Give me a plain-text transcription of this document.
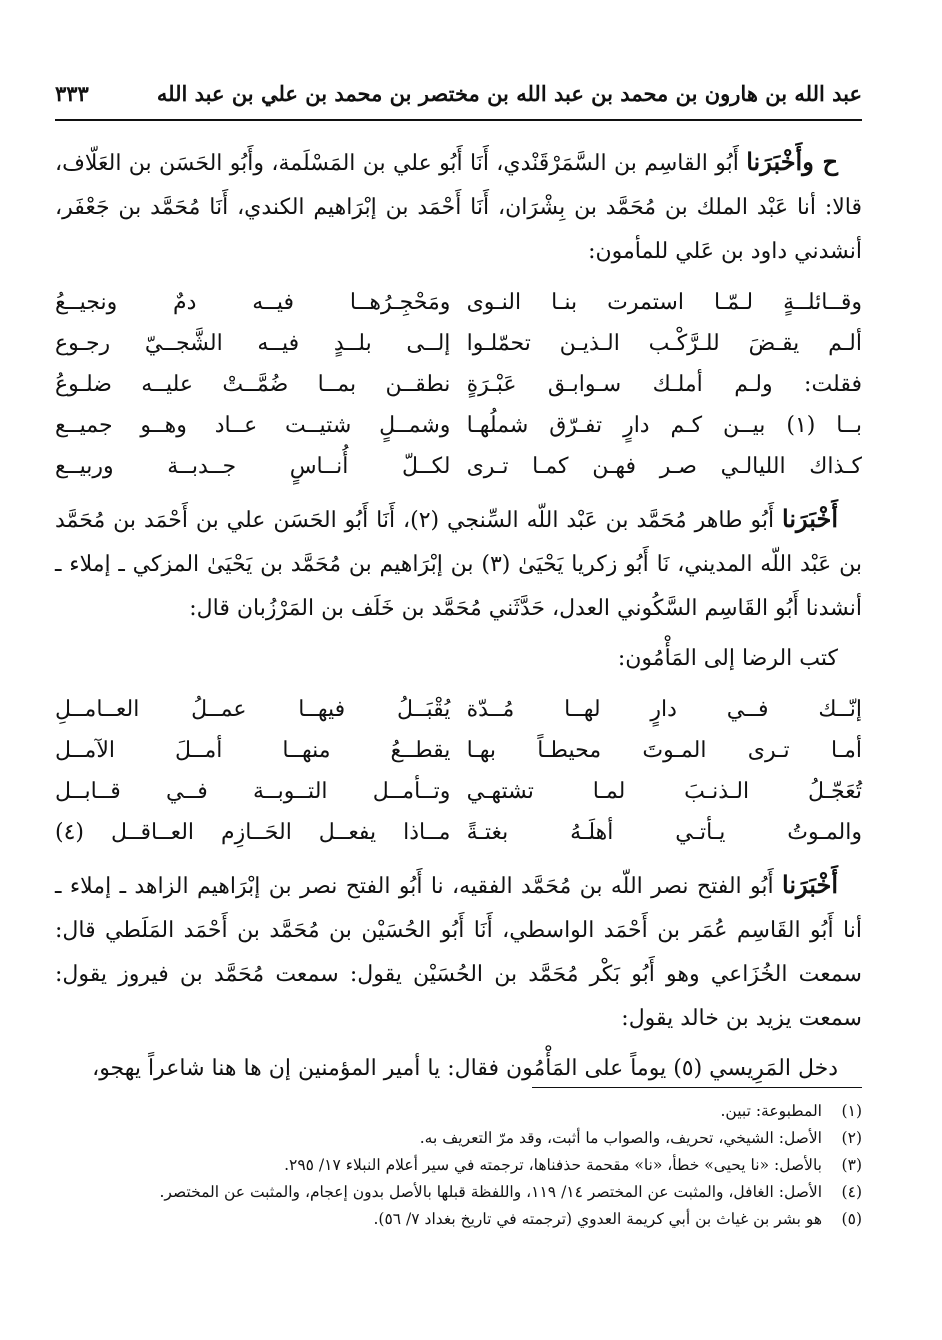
عبد الله بن هارون بن محمد بن عبد الله بن مختصر بن محمد بن علي بن عبد الله
٣٣٣

ح وأَخْبَرَنا أَبُو القاسِم بن السَّمَرْقَنْدي، أَنَا أَبُو علي بن المَسْلَمة، وأَبُو الحَسَن بن العَلّاف، قالا: أنا عَبْد الملك بن مُحَمَّد بن بِشْرَان، أَنَا أَحْمَد بن إبْرَاهيم الكندي، أَنَا مُحَمَّد بن جَعْفَر، أنشدني داود بن عَلي للمأمون:

وقــائلــةٍ لـمّـا استمرت بنـا النـوى
ومَحْجِـرُهــا فيــه دمٌ ونجيــعُ
ألـم يقـضَ للـرَّكْـب الـذيـن تحمّلـوا
إلــى بلــدٍ فيــه الشَّجــيّ رجـوع
فقلت: ولـم أملـك سـوابـق عَبْـرَةٍ
نطقــن بمــا ضُمَّــتْ عليــه ضلـوعُ
بــا (١) بيــن كـم دارٍ تفـرّق شملُهـا
وشمــلٍ شتيــت عــاد وهــو جميــع
كـذاك الليالـي صـر فهـن كمـا تـرى
لكــلّ أُنــاسٍ جــدبــة وربيــع

أَخْبَرَنا أَبُو طاهر مُحَمَّد بن عَبْد اللّه السِّنجي (٢)، أَنَا أَبُو الحَسَن علي بن أَحْمَد بن مُحَمَّد بن عَبْد اللّه المديني، نَا أَبُو زكريا يَحْيَىٰ (٣) بن إبْرَاهيم بن مُحَمَّد بن يَحْيَىٰ المزكي ـ إملاء ـ أنشدنا أَبُو القَاسِم السَّكُوني العدل، حَدَّثَني مُحَمَّد بن خَلَف بن المَرْزُبان قال:

كتب الرضا إلى المَأْمُون:

إنّــك فــي دارٍ لهــا مُــدّة
يُقْبَــلُ فيهــا عمــلُ العــامــلِ
أمـا تـرى المـوتَ محيطـاً بهـا
يقطــعُ منهــا أمــلَ الآمــل
تُعَجّـلُ الـذنـبَ لمـا تشتهـي
وتــأمــل التــوبــة فــي قــابــل
والمـوتُ يـأتـي أهلَـهُ بغتـةً
مــاذا يفعــل الحَــازِم العــاقــل (٤)

أَخْبَرَنا أَبُو الفتح نصر اللّه بن مُحَمَّد الفقيه، نا أَبُو الفتح نصر بن إبْرَاهيم الزاهد ـ إملاء ـ أنا أَبُو القَاسِم عُمَر بن أَحْمَد الواسطي، أَنَا أَبُو الحُسَيْن بن مُحَمَّد بن أَحْمَد المَلَطي قال: سمعت الخُزَاعي وهو أَبُو بَكْر مُحَمَّد بن الحُسَيْن يقول: سمعت مُحَمَّد بن فيروز يقول: سمعت يزيد بن خالد يقول:

دخل المَرِيسي (٥) يوماً على المَأْمُون فقال: يا أمير المؤمنين إن ها هنا شاعراً يهجو،

(١)
المطبوعة: تبين.
(٢)
الأصل: الشيخي، تحريف، والصواب ما أثبت، وقد مرّ التعريف به.
(٣)
بالأصل: «نا يحيى» خطأ، «نا» مقحمة حذفناها، ترجمته في سير أعلام النبلاء ١٧/ ٢٩٥.
(٤)
الأصل: الغافل، والمثبت عن المختصر ١٤/ ١١٩، واللفظة قبلها بالأصل بدون إعجام، والمثبت عن المختصر.
(٥)
هو بشر بن غياث بن أبي كريمة العدوي (ترجمته في تاريخ بغداد ٧/ ٥٦).
